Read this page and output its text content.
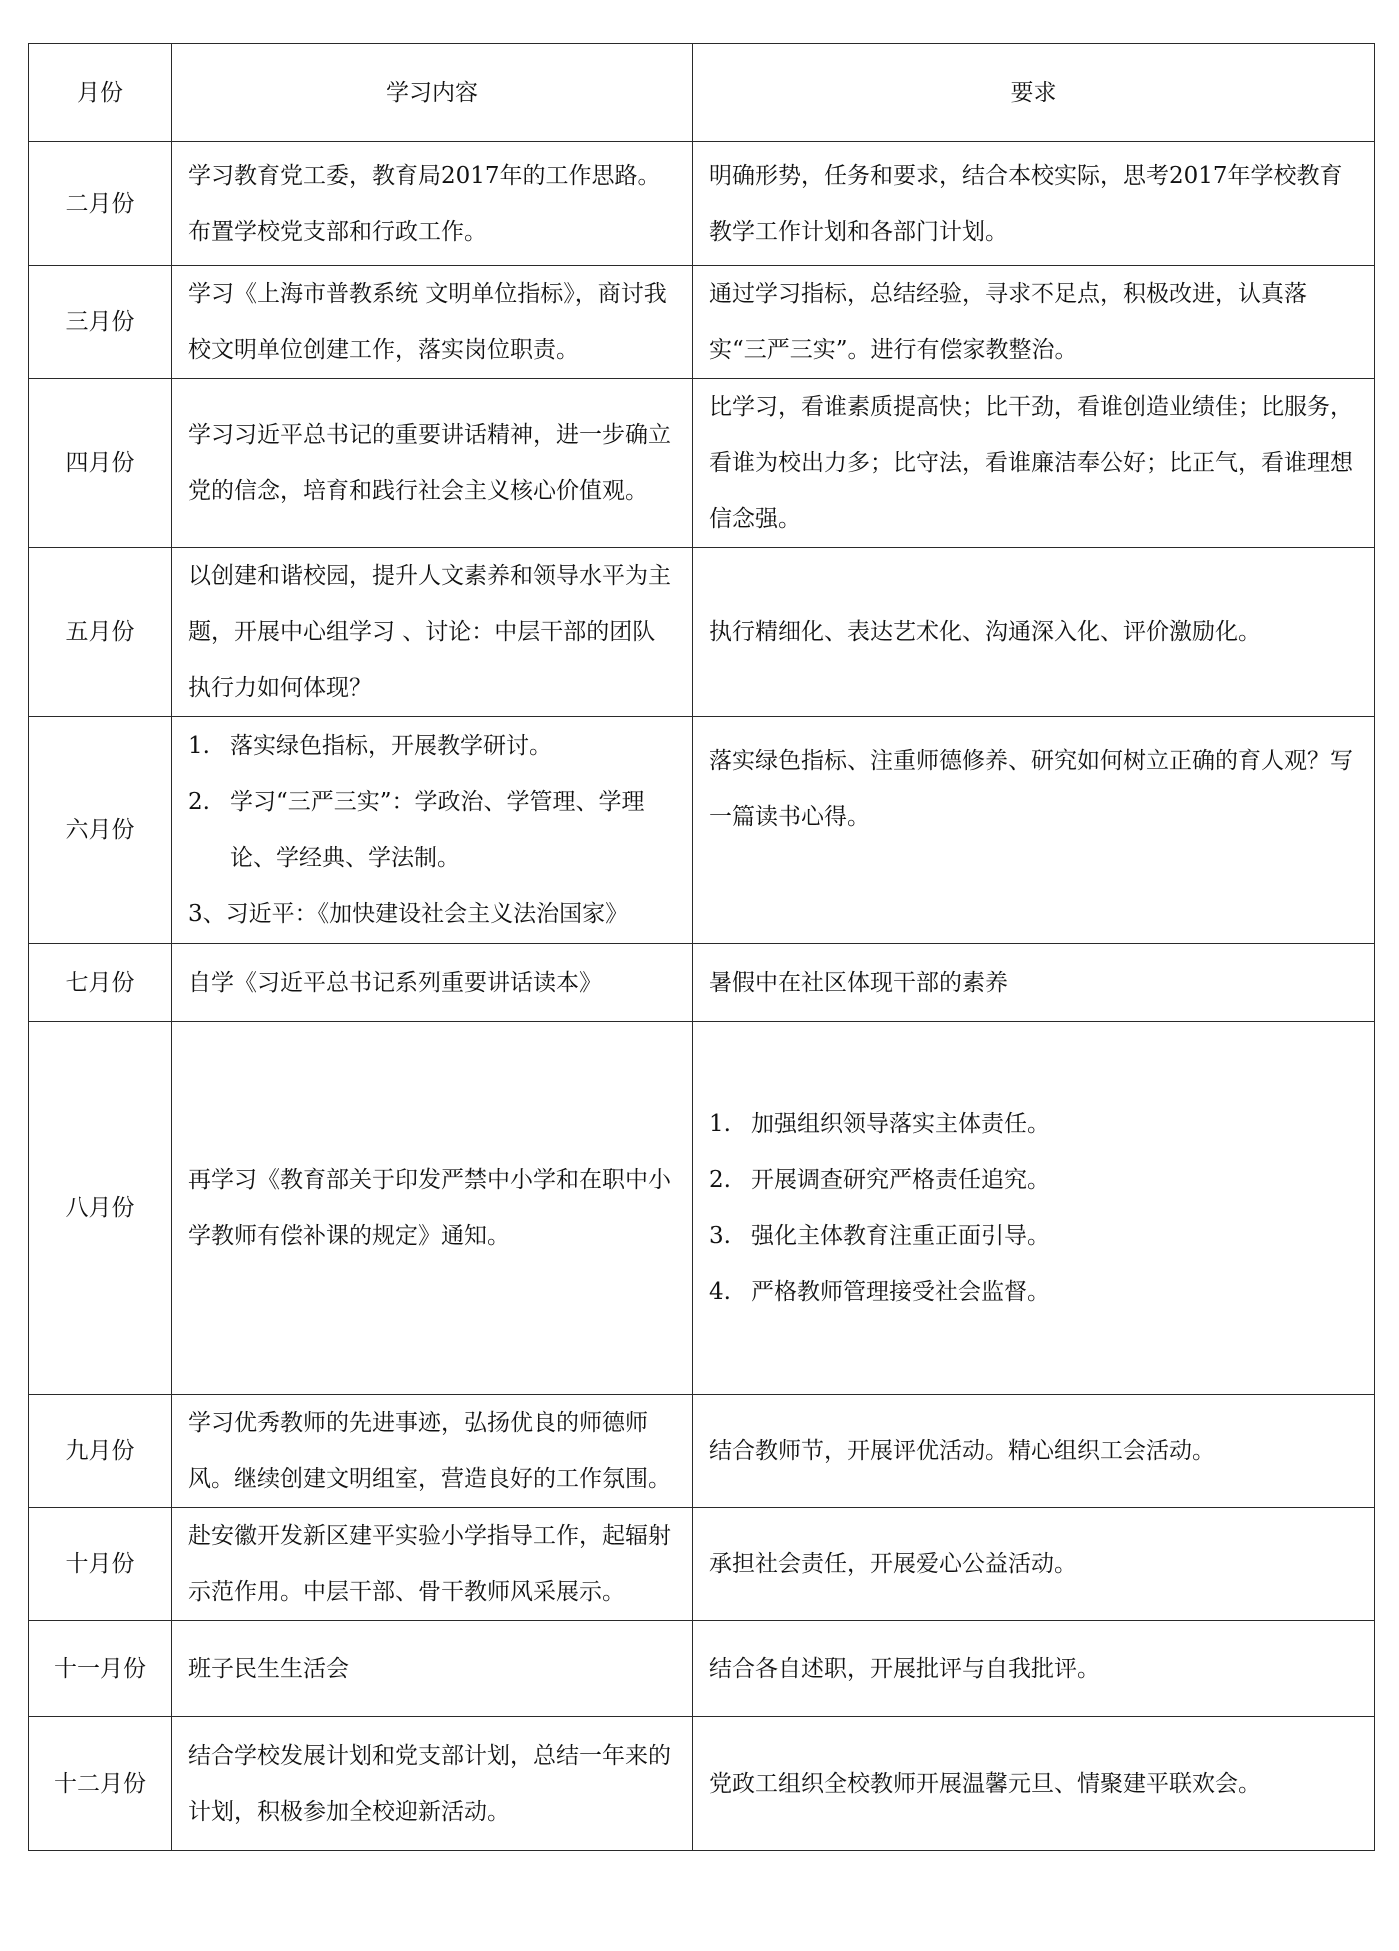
月份	学习内容	要求
二月份	学习教育党工委，教育局2017年的工作思路。布置学校党支部和行政工作。	明确形势，任务和要求，结合本校实际，思考2017年学校教育教学工作计划和各部门计划。
三月份	学习《上海市普教系统 文明单位指标》，商讨我校文明单位创建工作，落实岗位职责。	通过学习指标，总结经验，寻求不足点，积极改进，认真落实“三严三实”。进行有偿家教整治。
四月份	学习习近平总书记的重要讲话精神，进一步确立党的信念，培育和践行社会主义核心价值观。	比学习，看谁素质提高快；比干劲，看谁创造业绩佳；比服务，看谁为校出力多；比守法，看谁廉洁奉公好；比正气，看谁理想信念强。
五月份	以创建和谐校园，提升人文素养和领导水平为主题，开展中心组学习 、讨论：中层干部的团队执行力如何体现？	执行精细化、表达艺术化、沟通深入化、评价激励化。
六月份	1. 落实绿色指标，开展教学研讨。
2. 学习“三严三实”：学政治、学管理、学理
论、学经典、学法制。
3、习近平：《加快建设社会主义法治国家》	落实绿色指标、注重师德修养、研究如何树立正确的育人观？写一篇读书心得。
七月份	自学《习近平总书记系列重要讲话读本》	暑假中在社区体现干部的素养
八月份	再学习《教育部关于印发严禁中小学和在职中小学教师有偿补课的规定》通知。	1. 加强组织领导落实主体责任。
2. 开展调查研究严格责任追究。
3. 强化主体教育注重正面引导。
4. 严格教师管理接受社会监督。

九月份	学习优秀教师的先进事迹，弘扬优良的师德师风。继续创建文明组室，营造良好的工作氛围。	结合教师节，开展评优活动。精心组织工会活动。
十月份	赴安徽开发新区建平实验小学指导工作，起辐射示范作用。中层干部、骨干教师风采展示。	承担社会责任，开展爱心公益活动。
十一月份	班子民生生活会	结合各自述职，开展批评与自我批评。
十二月份	结合学校发展计划和党支部计划，总结一年来的计划，积极参加全校迎新活动。	党政工组织全校教师开展温馨元旦、情聚建平联欢会。
